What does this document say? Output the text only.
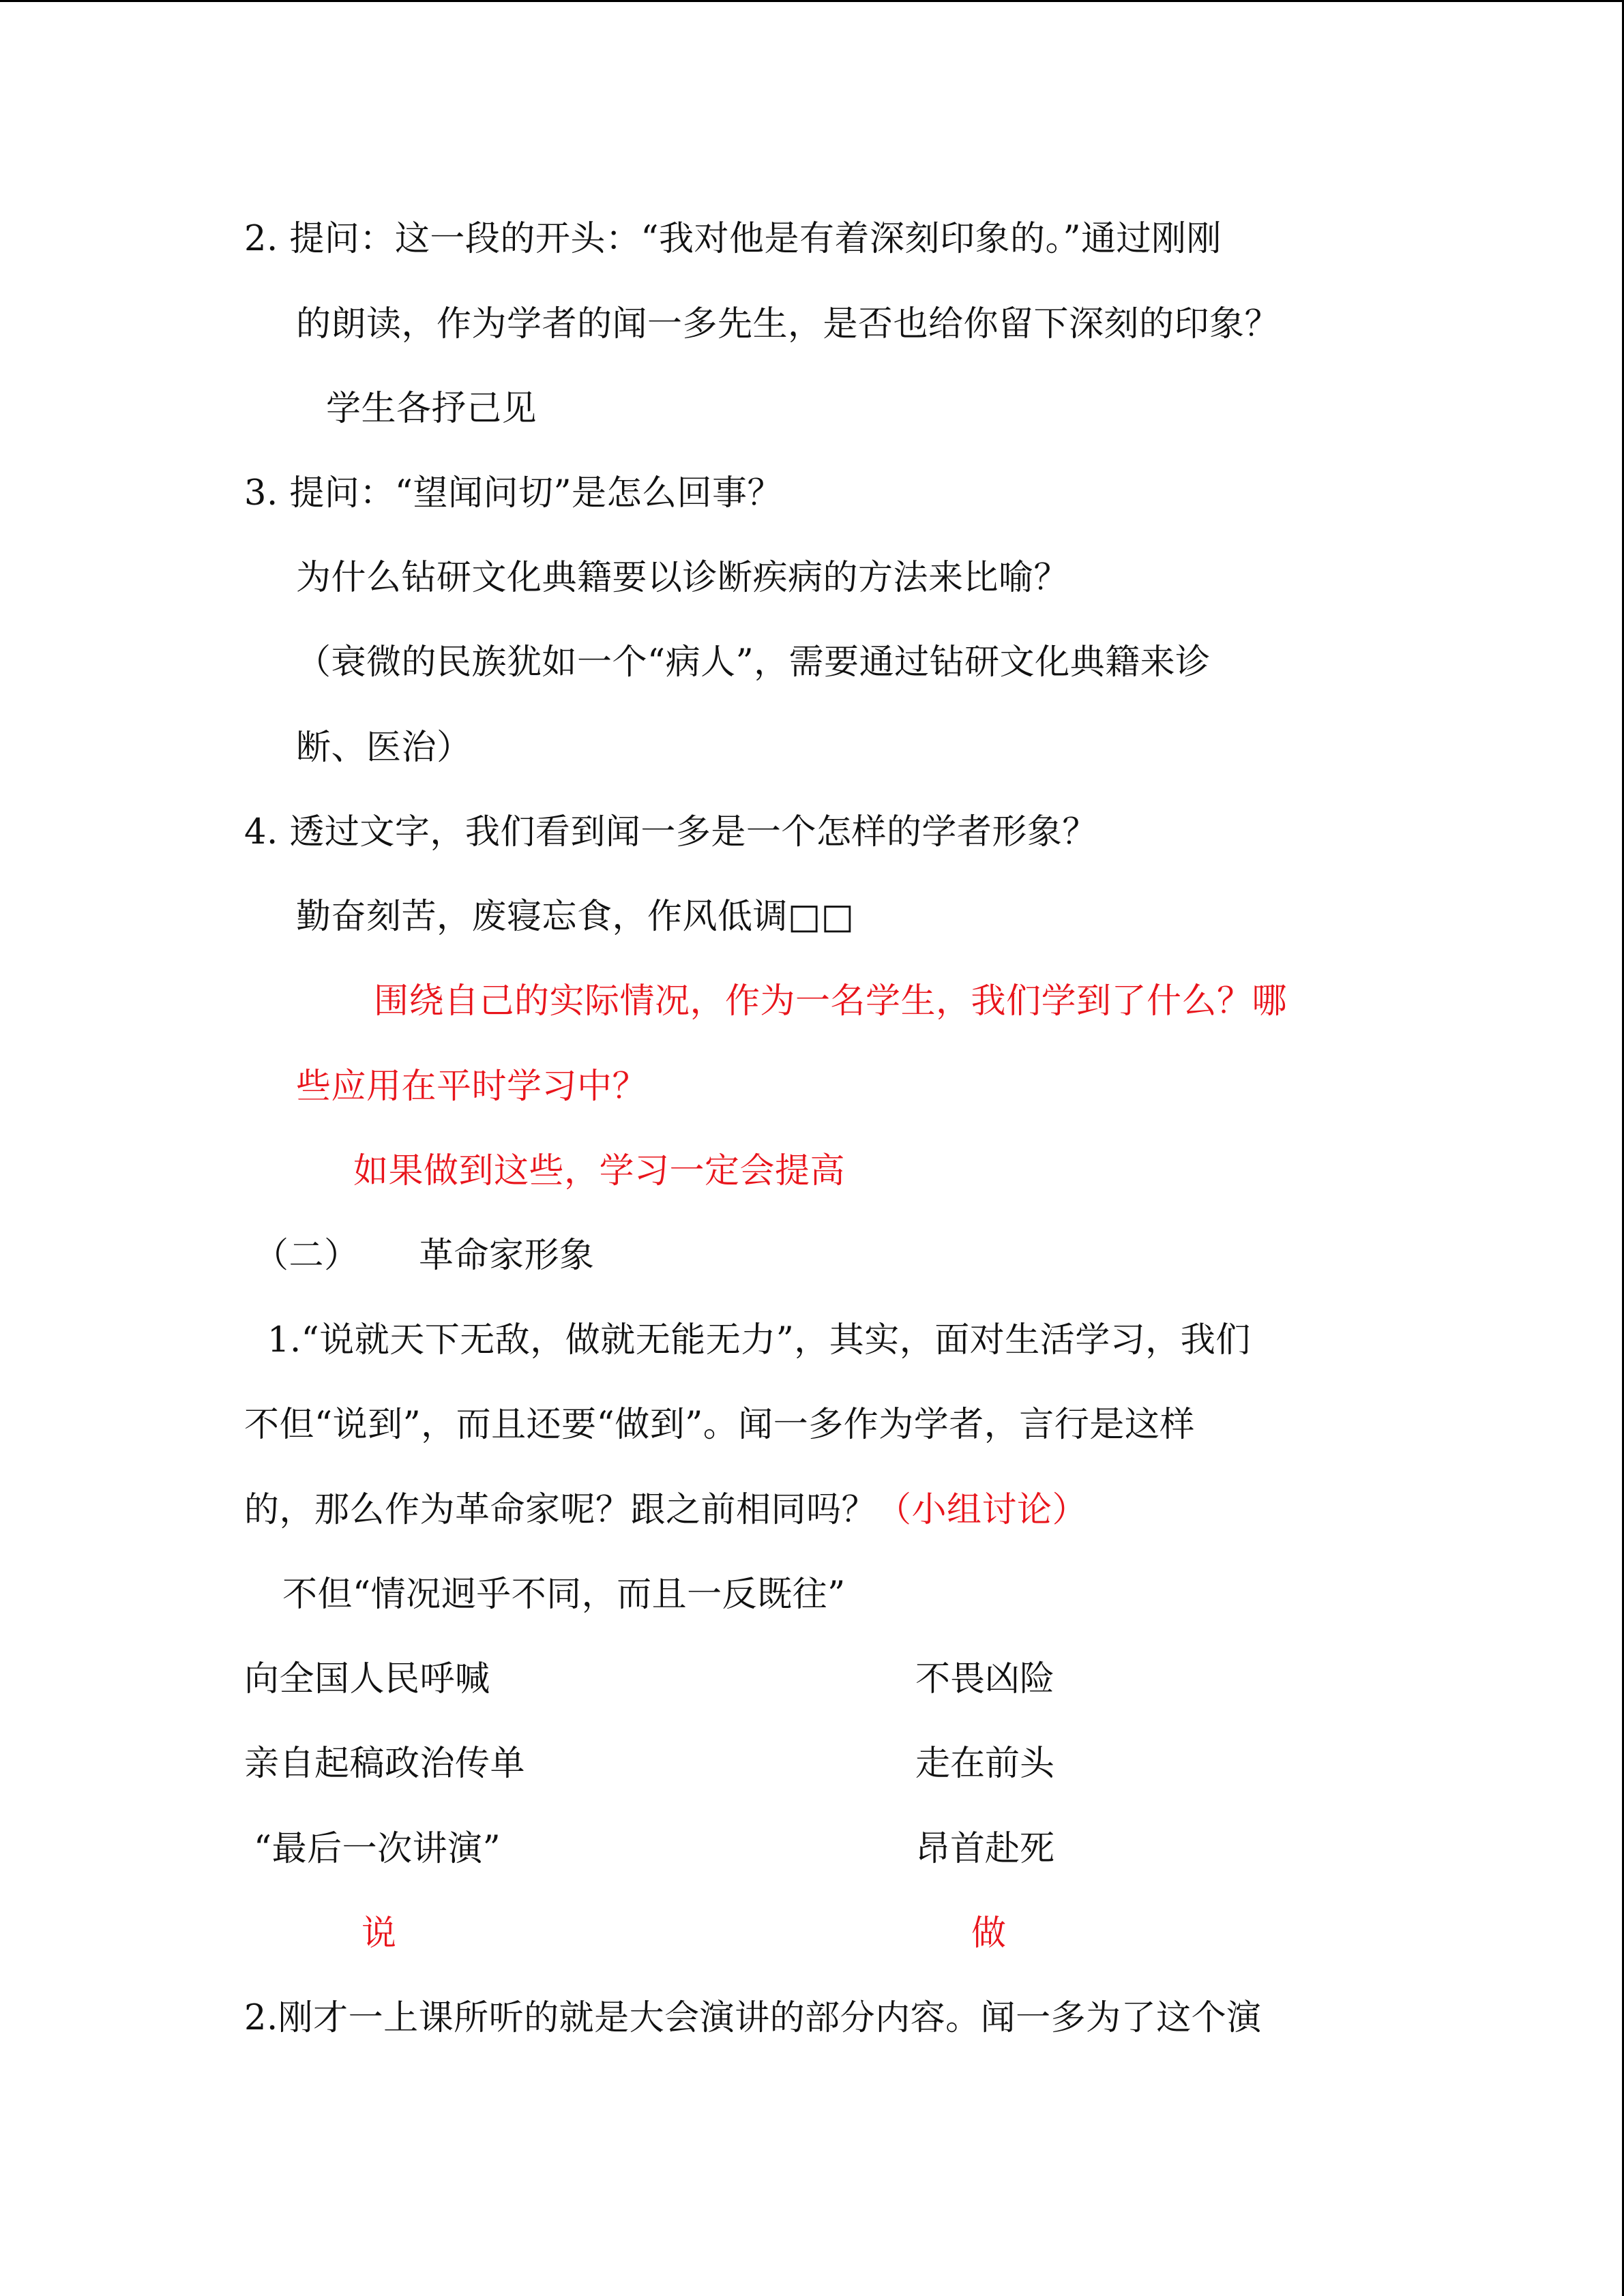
2. 提问：这一段的开头：“我对他是有着深刻印象的。”通过刚刚
的朗读，作为学者的闻一多先生，是否也给你留下深刻的印象？
学生各抒己见
3. 提问：“望闻问切”是怎么回事？
为什么钻研文化典籍要以诊断疾病的方法来比喻？
（衰微的民族犹如一个“病人”，需要通过钻研文化典籍来诊
断、医治）
4. 透过文字，我们看到闻一多是一个怎样的学者形象？
勤奋刻苦，废寝忘食，作风低调□□
围绕自己的实际情况，作为一名学生，我们学到了什么？哪
些应用在平时学习中？
如果做到这些，学习一定会提高
（二） 革命家形象
1.“说就天下无敌，做就无能无力”，其实，面对生活学习，我们
不但“说到”，而且还要“做到”。闻一多作为学者，言行是这样
的，那么作为革命家呢？跟之前相同吗？（小组讨论）
不但“情况迥乎不同，而且一反既往”
向全国人民呼喊	不畏凶险
亲自起稿政治传单	走在前头
“最后一次讲演”	昂首赴死
说	做
2.刚才一上课所听的就是大会演讲的部分内容。闻一多为了这个演
